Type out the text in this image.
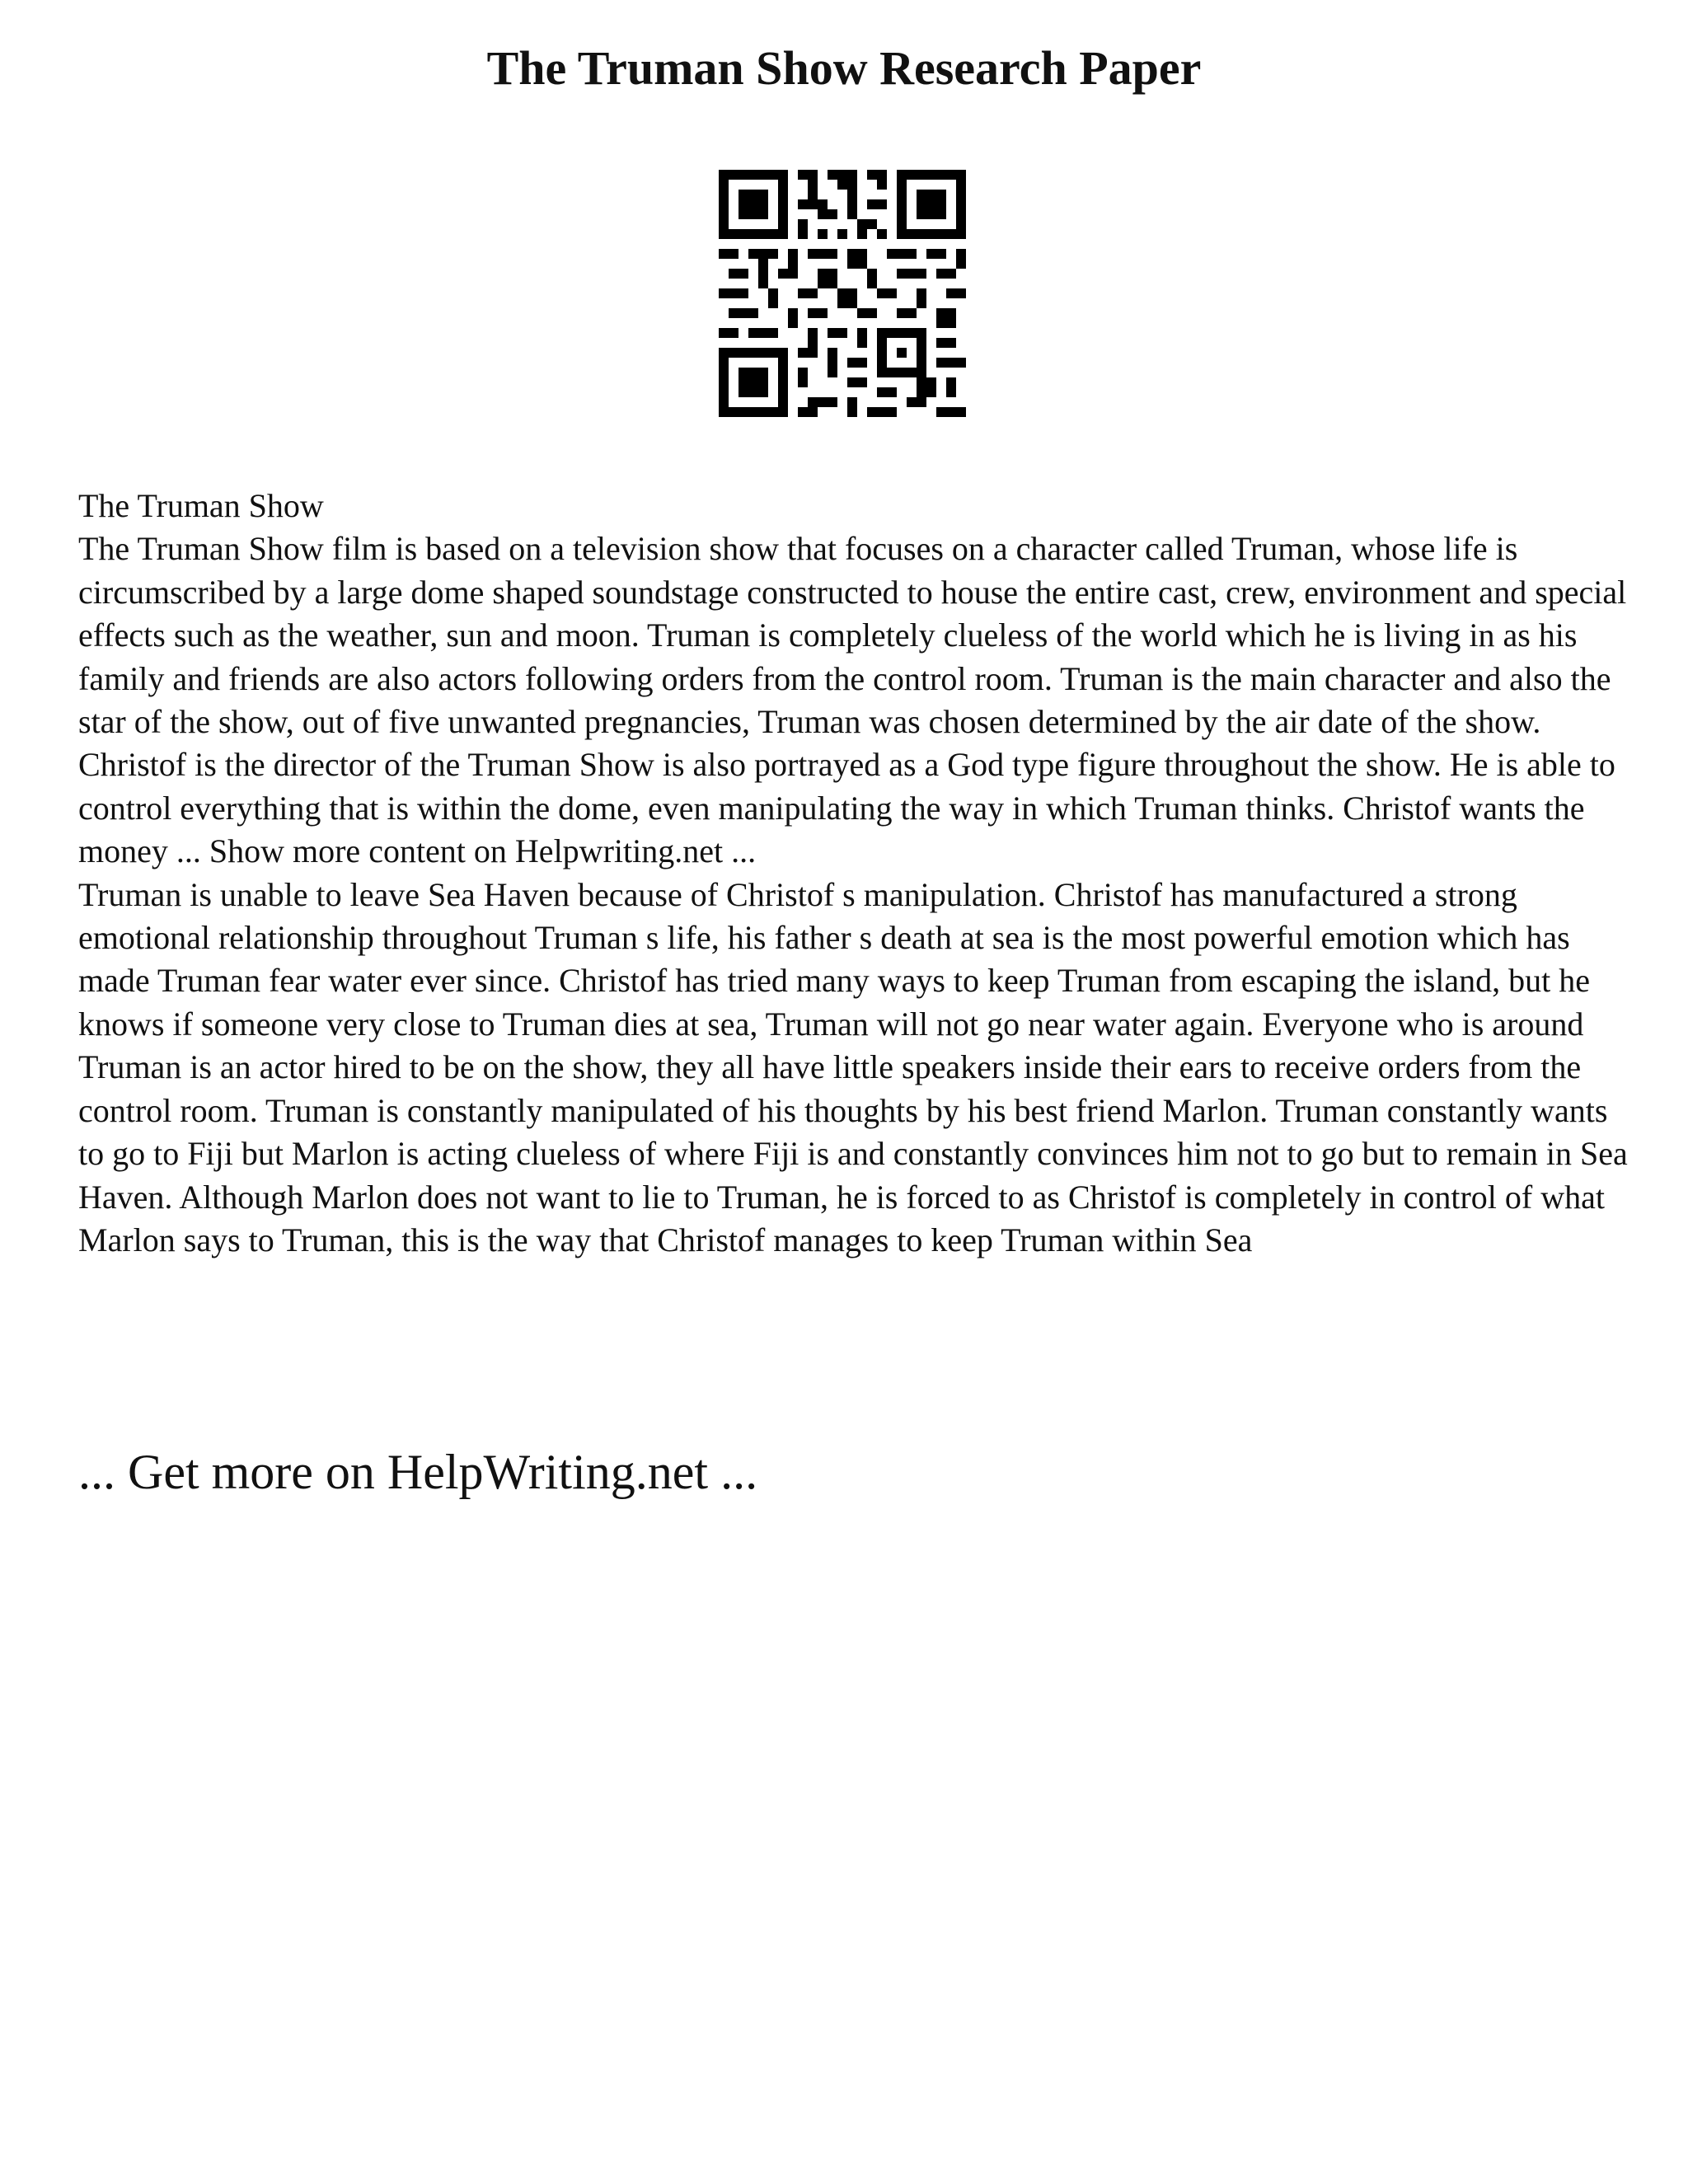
The Truman Show Research Paper

The Truman Show

The Truman Show film is based on a television show that focuses on a character called Truman, whose life is circumscribed by a large dome shaped soundstage constructed to house the entire cast, crew, environment and special effects such as the weather, sun and moon. Truman is completely clueless of the world which he is living in as his family and friends are also actors following orders from the control room. Truman is the main character and also the star of the show, out of five unwanted pregnancies, Truman was chosen determined by the air date of the show. Christof is the director of the Truman Show is also portrayed as a God type figure throughout the show. He is able to control everything that is within the dome, even manipulating the way in which Truman thinks. Christof wants the money ... Show more content on Helpwriting.net ...

Truman is unable to leave Sea Haven because of Christof s manipulation. Christof has manufactured a strong emotional relationship throughout Truman s life, his father s death at sea is the most powerful emotion which has made Truman fear water ever since. Christof has tried many ways to keep Truman from escaping the island, but he knows if someone very close to Truman dies at sea, Truman will not go near water again. Everyone who is around Truman is an actor hired to be on the show, they all have little speakers inside their ears to receive orders from the control room. Truman is constantly manipulated of his thoughts by his best friend Marlon. Truman constantly wants to go to Fiji but Marlon is acting clueless of where Fiji is and constantly convinces him not to go but to remain in Sea Haven. Although Marlon does not want to lie to Truman, he is forced to as Christof is completely in control of what Marlon says to Truman, this is the way that Christof manages to keep Truman within Sea

... Get more on HelpWriting.net ...
